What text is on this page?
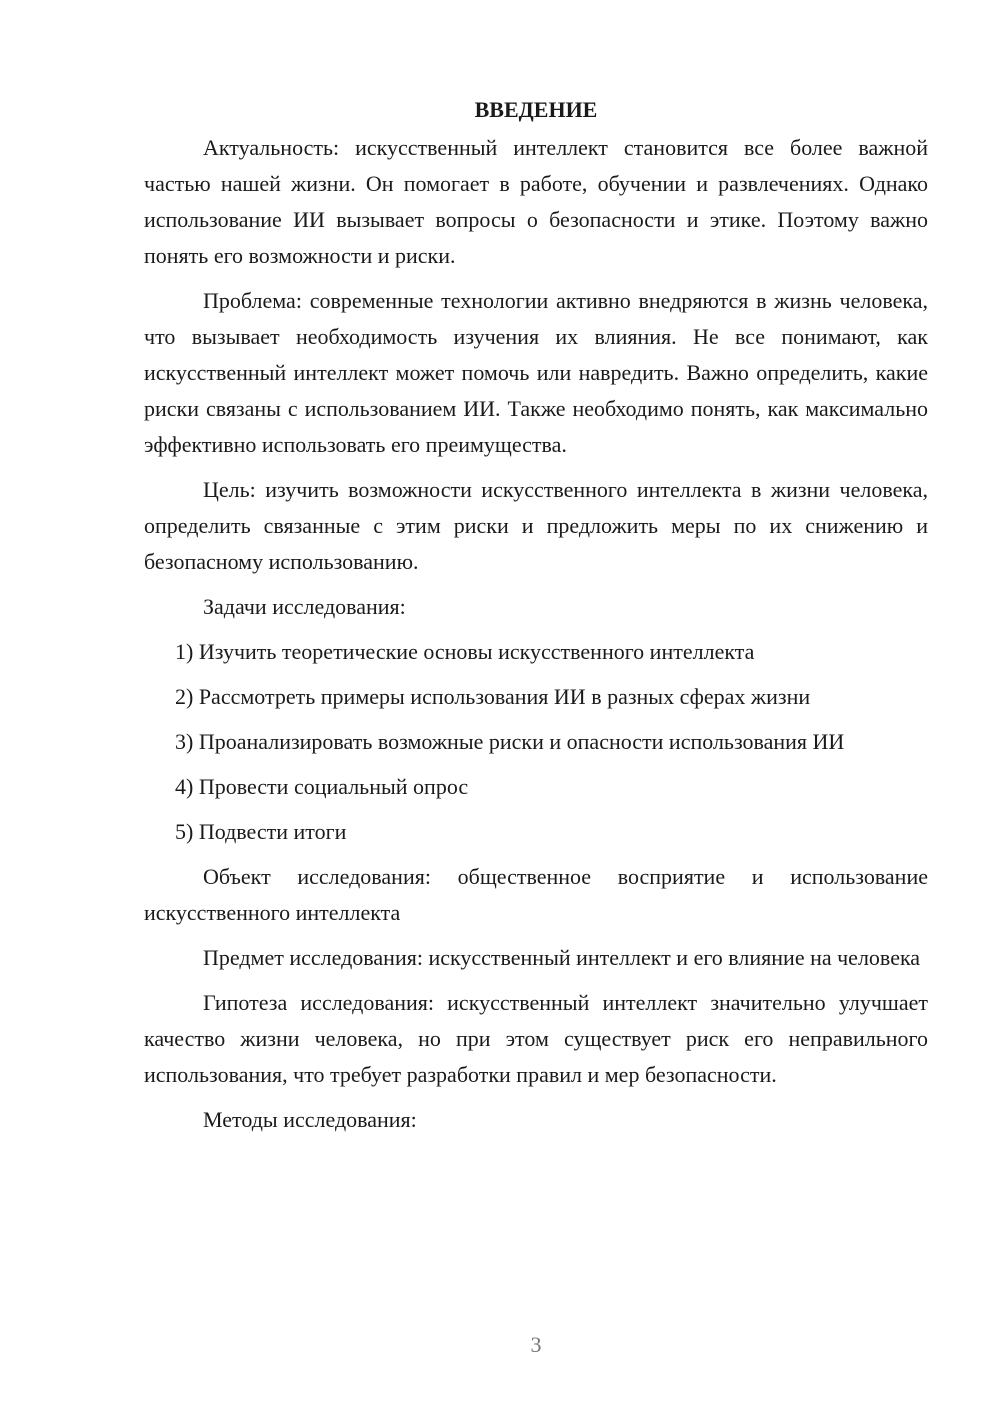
ВВЕДЕНИЕ

Актуальность: искусственный интеллект становится все более важной частью нашей жизни. Он помогает в работе, обучении и развлечениях. Однако использование ИИ вызывает вопросы о безопасности и этике. Поэтому важно понять его возможности и риски.

Проблема: современные технологии активно внедряются в жизнь человека, что вызывает необходимость изучения их влияния. Не все понимают, как искусственный интеллект может помочь или навредить. Важно определить, какие риски связаны с использованием ИИ. Также необходимо понять, как максимально эффективно использовать его преимущества.

Цель: изучить возможности искусственного интеллекта в жизни человека, определить связанные с этим риски и предложить меры по их снижению и безопасному использованию.

Задачи исследования:

1) Изучить теоретические основы искусственного интеллекта

2) Рассмотреть примеры использования ИИ в разных сферах жизни

3) Проанализировать возможные риски и опасности использования ИИ

4) Провести социальный опрос

5) Подвести итоги

Объект исследования: общественное восприятие и использование искусственного интеллекта

Предмет исследования: искусственный интеллект и его влияние на человека

Гипотеза исследования: искусственный интеллект значительно улучшает качество жизни человека, но при этом существует риск его неправильного использования, что требует разработки правил и мер безопасности.

Методы исследования:

3
